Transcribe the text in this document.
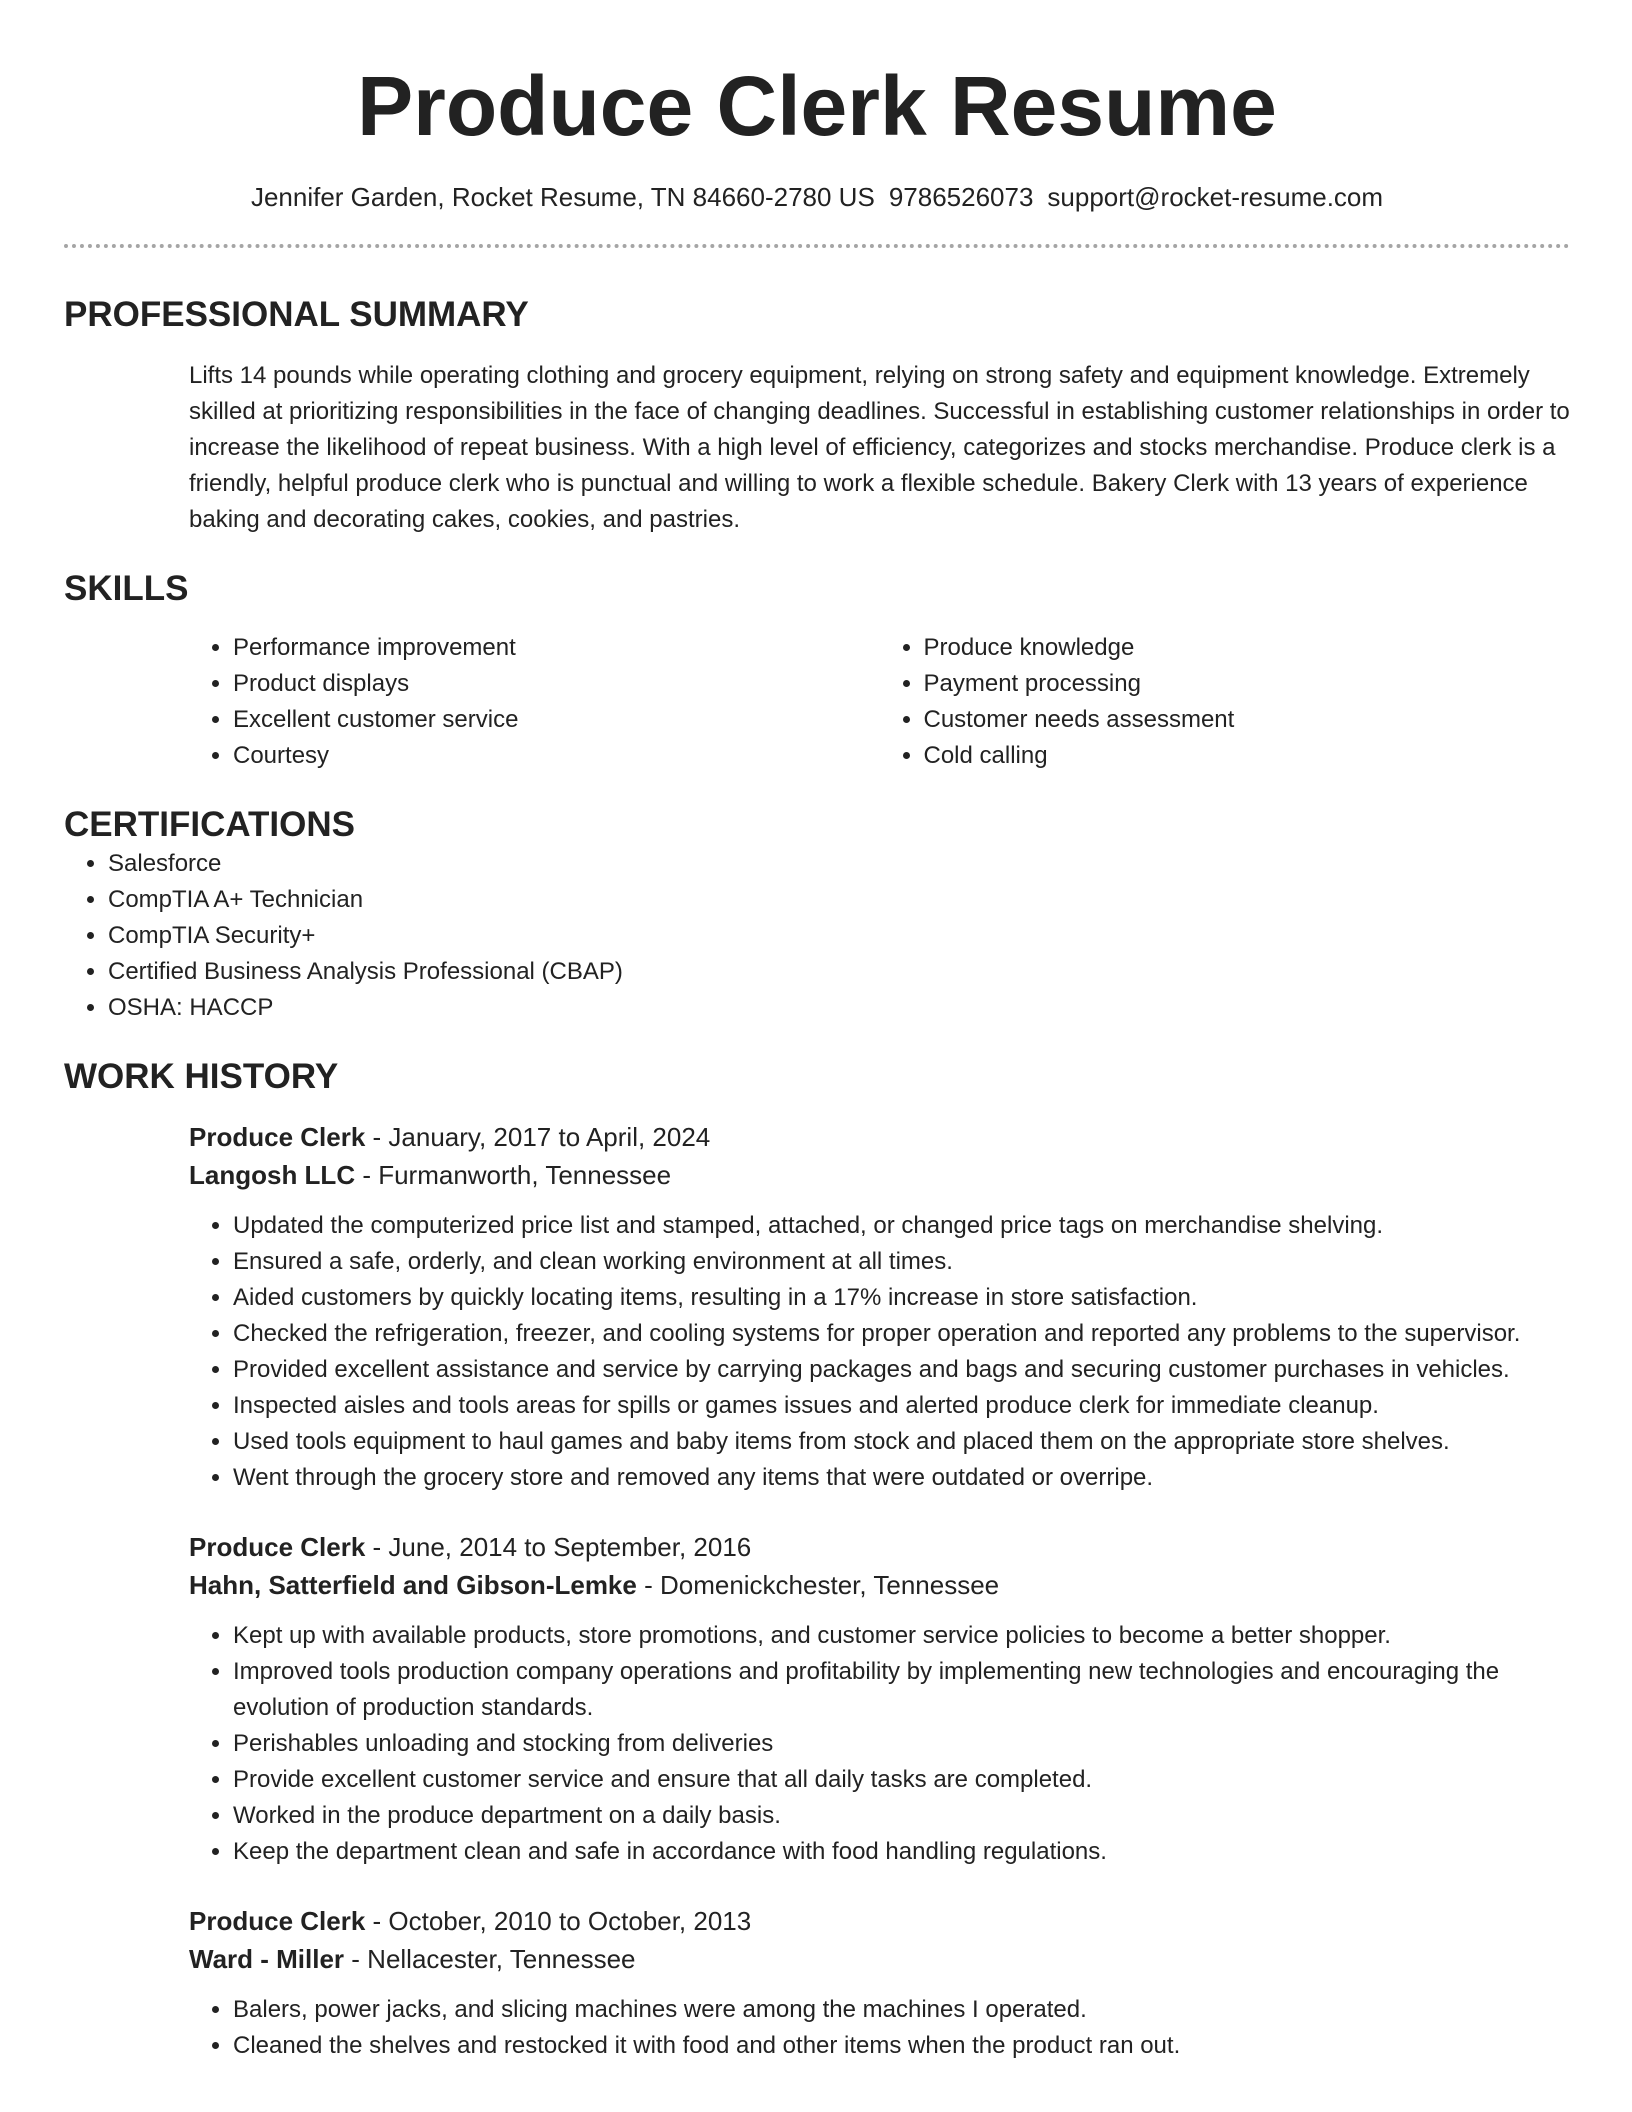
Produce Clerk Resume
Jennifer Garden, Rocket Resume, TN 84660-2780 US 9786526073 support@rocket-resume.com
PROFESSIONAL SUMMARY

Lifts 14 pounds while operating clothing and grocery equipment, relying on strong safety and equipment knowledge. Extremely skilled at prioritizing responsibilities in the face of changing deadlines. Successful in establishing customer relationships in order to increase the likelihood of repeat business. With a high level of efficiency, categorizes and stocks merchandise. Produce clerk is a friendly, helpful produce clerk who is punctual and willing to work a flexible schedule. Bakery Clerk with 13 years of experience baking and decorating cakes, cookies, and pastries.

SKILLS
• Performance improvement
• Product displays
• Excellent customer service
• Courtesy
• Produce knowledge
• Payment processing
• Customer needs assessment
• Cold calling
CERTIFICATIONS
• Salesforce
• CompTIA A+ Technician
• CompTIA Security+
• Certified Business Analysis Professional (CBAP)
• OSHA: HACCP
WORK HISTORY
Produce Clerk - January, 2017 to April, 2024
Langosh LLC - Furmanworth, Tennessee
• Updated the computerized price list and stamped, attached, or changed price tags on merchandise shelving.
• Ensured a safe, orderly, and clean working environment at all times.
• Aided customers by quickly locating items, resulting in a 17% increase in store satisfaction.
• Checked the refrigeration, freezer, and cooling systems for proper operation and reported any problems to the supervisor.
• Provided excellent assistance and service by carrying packages and bags and securing customer purchases in vehicles.
• Inspected aisles and tools areas for spills or games issues and alerted produce clerk for immediate cleanup.
• Used tools equipment to haul games and baby items from stock and placed them on the appropriate store shelves.
• Went through the grocery store and removed any items that were outdated or overripe.
Produce Clerk - June, 2014 to September, 2016
Hahn, Satterfield and Gibson-Lemke - Domenickchester, Tennessee
• Kept up with available products, store promotions, and customer service policies to become a better shopper.
• Improved tools production company operations and profitability by implementing new technologies and encouraging the evolution of production standards.
• Perishables unloading and stocking from deliveries
• Provide excellent customer service and ensure that all daily tasks are completed.
• Worked in the produce department on a daily basis.
• Keep the department clean and safe in accordance with food handling regulations.
Produce Clerk - October, 2010 to October, 2013
Ward - Miller - Nellacester, Tennessee
• Balers, power jacks, and slicing machines were among the machines I operated.
• Cleaned the shelves and restocked it with food and other items when the product ran out.
